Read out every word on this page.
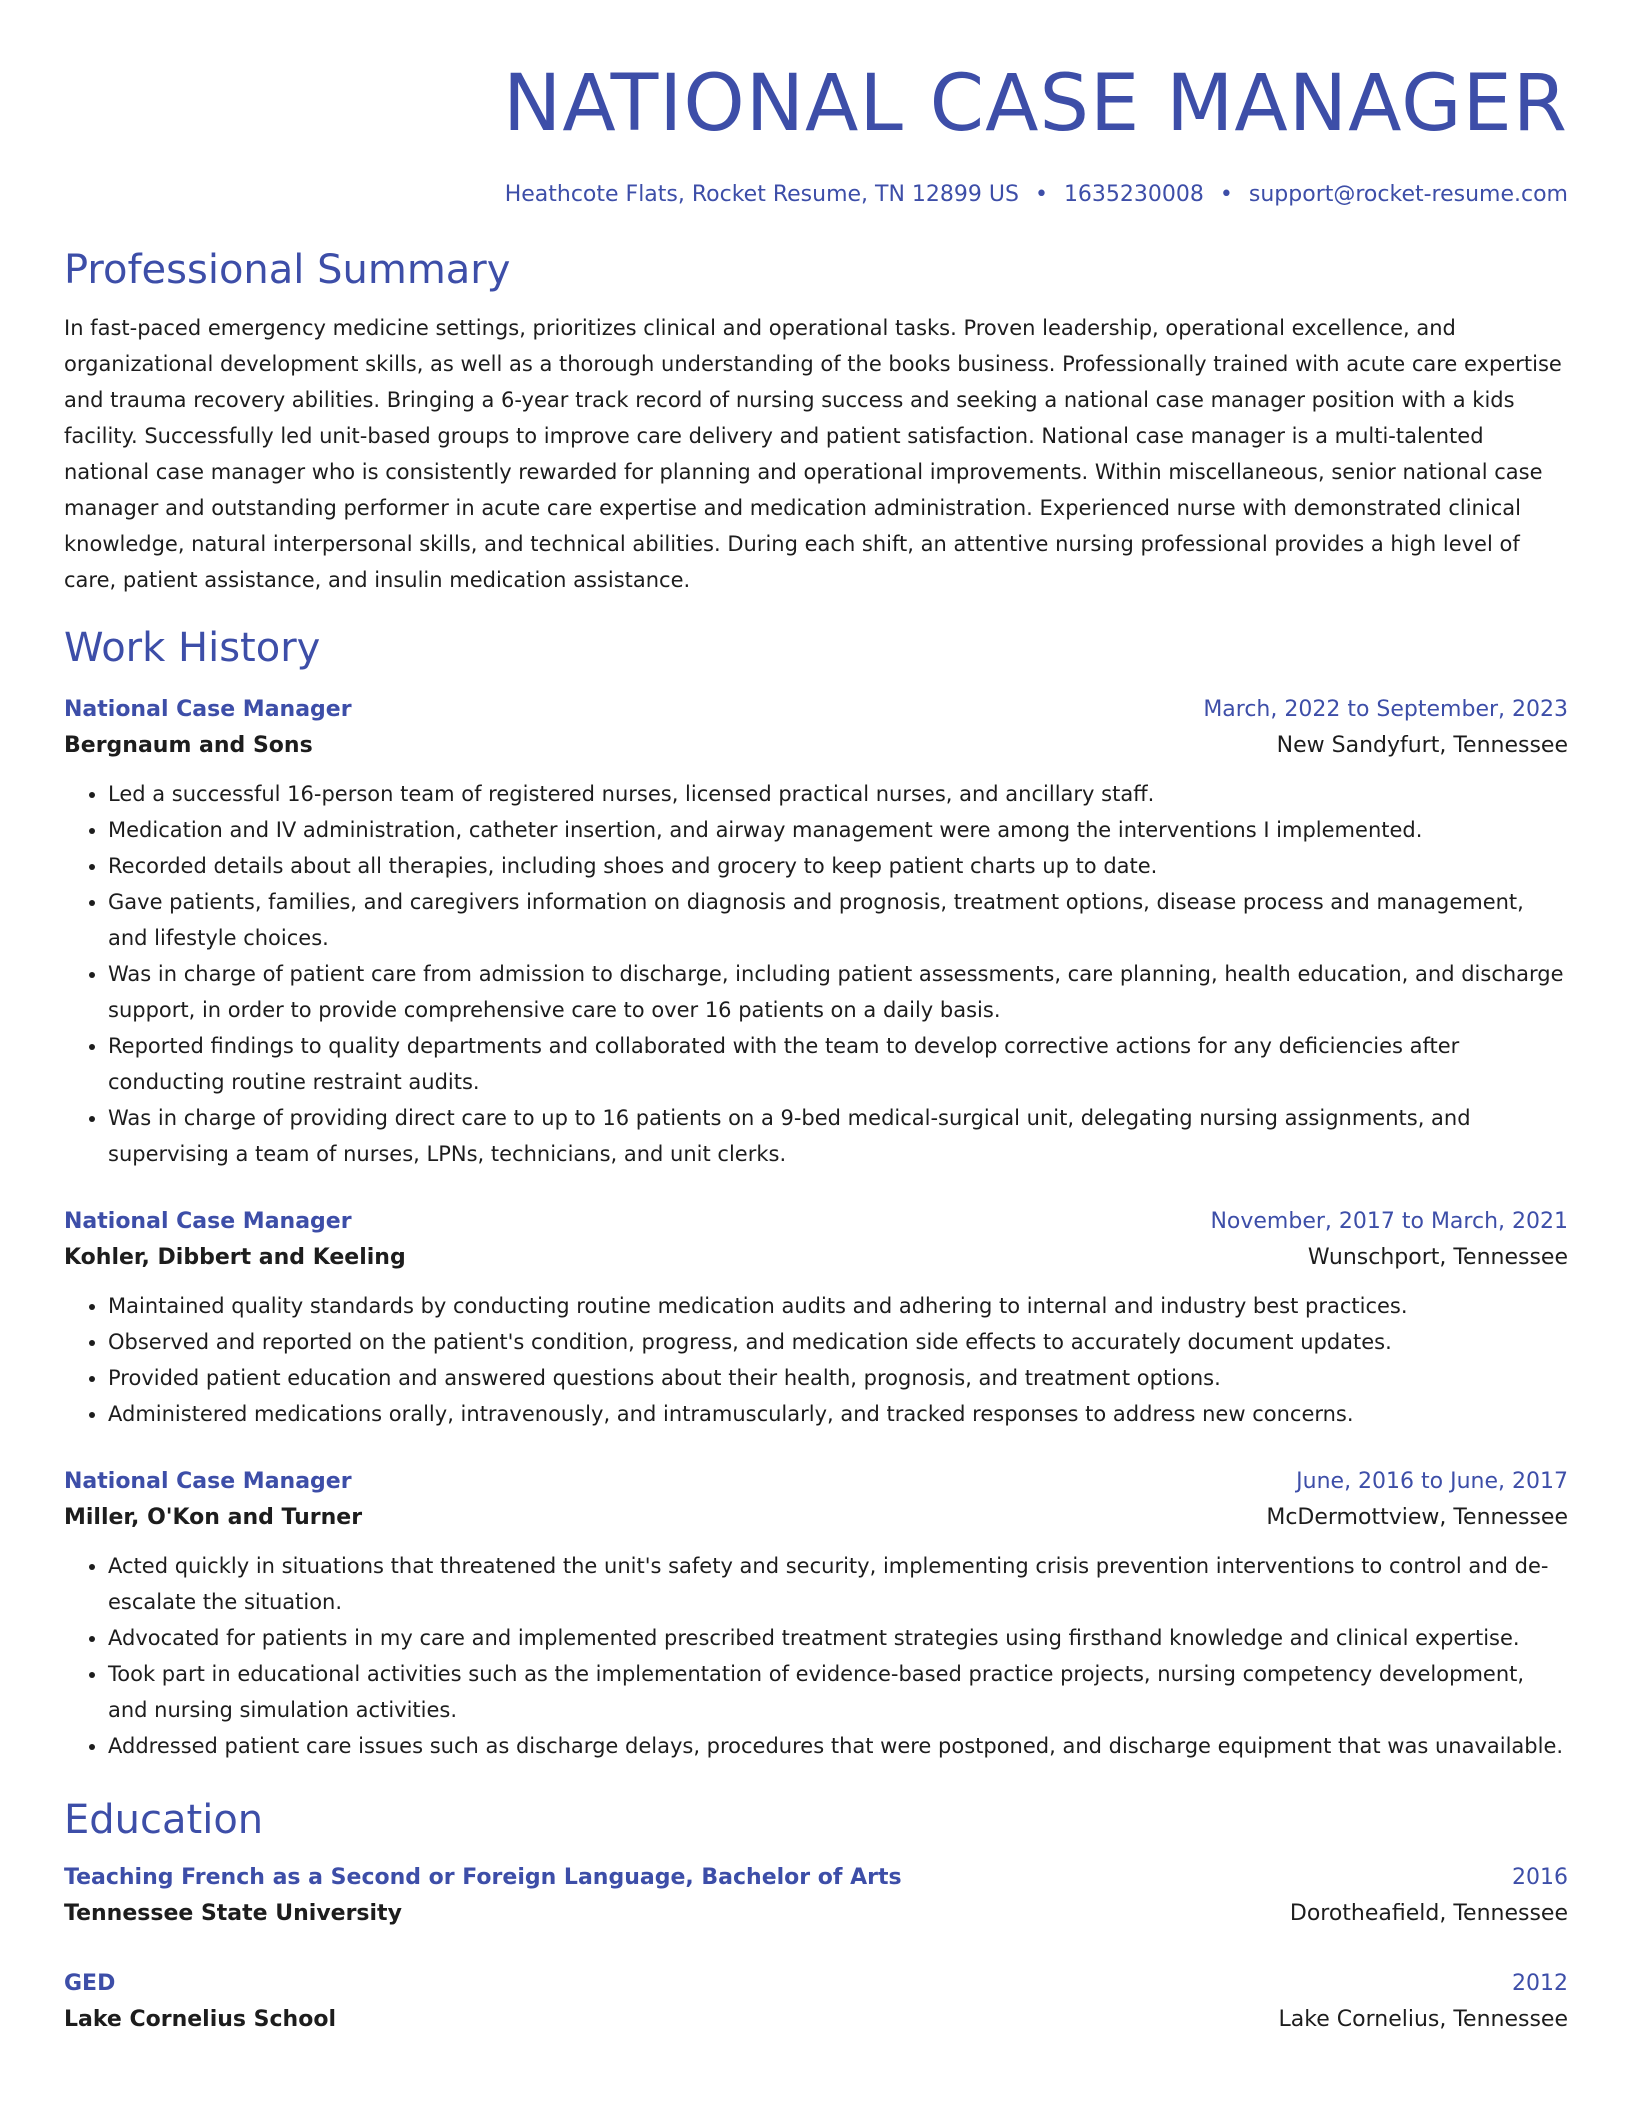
NATIONAL CASE MANAGER
Heathcote Flats, Rocket Resume, TN 12899 US • 1635230008 • support@rocket-resume.com
Professional Summary

In fast-paced emergency medicine settings, prioritizes clinical and operational tasks. Proven leadership, operational excellence, and organizational development skills, as well as a thorough understanding of the books business. Professionally trained with acute care expertise and trauma recovery abilities. Bringing a 6-year track record of nursing success and seeking a national case manager position with a kids facility. Successfully led unit-based groups to improve care delivery and patient satisfaction. National case manager is a multi-talented national case manager who is consistently rewarded for planning and operational improvements. Within miscellaneous, senior national case manager and outstanding performer in acute care expertise and medication administration. Experienced nurse with demonstrated clinical knowledge, natural interpersonal skills, and technical abilities. During each shift, an attentive nursing professional provides a high level of care, patient assistance, and insulin medication assistance.

Work History
National Case Manager	March, 2022 to September, 2023
Bergnaum and Sons	New Sandyfurt, Tennessee
• Led a successful 16-person team of registered nurses, licensed practical nurses, and ancillary staff.
• Medication and IV administration, catheter insertion, and airway management were among the interventions I implemented.
• Recorded details about all therapies, including shoes and grocery to keep patient charts up to date.
• Gave patients, families, and caregivers information on diagnosis and prognosis, treatment options, disease process and management, and lifestyle choices.
• Was in charge of patient care from admission to discharge, including patient assessments, care planning, health education, and discharge support, in order to provide comprehensive care to over 16 patients on a daily basis.
• Reported findings to quality departments and collaborated with the team to develop corrective actions for any deficiencies after conducting routine restraint audits.
• Was in charge of providing direct care to up to 16 patients on a 9-bed medical-surgical unit, delegating nursing assignments, and supervising a team of nurses, LPNs, technicians, and unit clerks.
National Case Manager	November, 2017 to March, 2021
Kohler, Dibbert and Keeling	Wunschport, Tennessee
• Maintained quality standards by conducting routine medication audits and adhering to internal and industry best practices.
• Observed and reported on the patient's condition, progress, and medication side effects to accurately document updates.
• Provided patient education and answered questions about their health, prognosis, and treatment options.
• Administered medications orally, intravenously, and intramuscularly, and tracked responses to address new concerns.
National Case Manager	June, 2016 to June, 2017
Miller, O'Kon and Turner	McDermottview, Tennessee
• Acted quickly in situations that threatened the unit's safety and security, implementing crisis prevention interventions to control and de-escalate the situation.
• Advocated for patients in my care and implemented prescribed treatment strategies using firsthand knowledge and clinical expertise.
• Took part in educational activities such as the implementation of evidence-based practice projects, nursing competency development, and nursing simulation activities.
• Addressed patient care issues such as discharge delays, procedures that were postponed, and discharge equipment that was unavailable.
Education
Teaching French as a Second or Foreign Language, Bachelor of Arts	2016
Tennessee State University	Dorotheafield, Tennessee
GED	2012
Lake Cornelius School	Lake Cornelius, Tennessee
